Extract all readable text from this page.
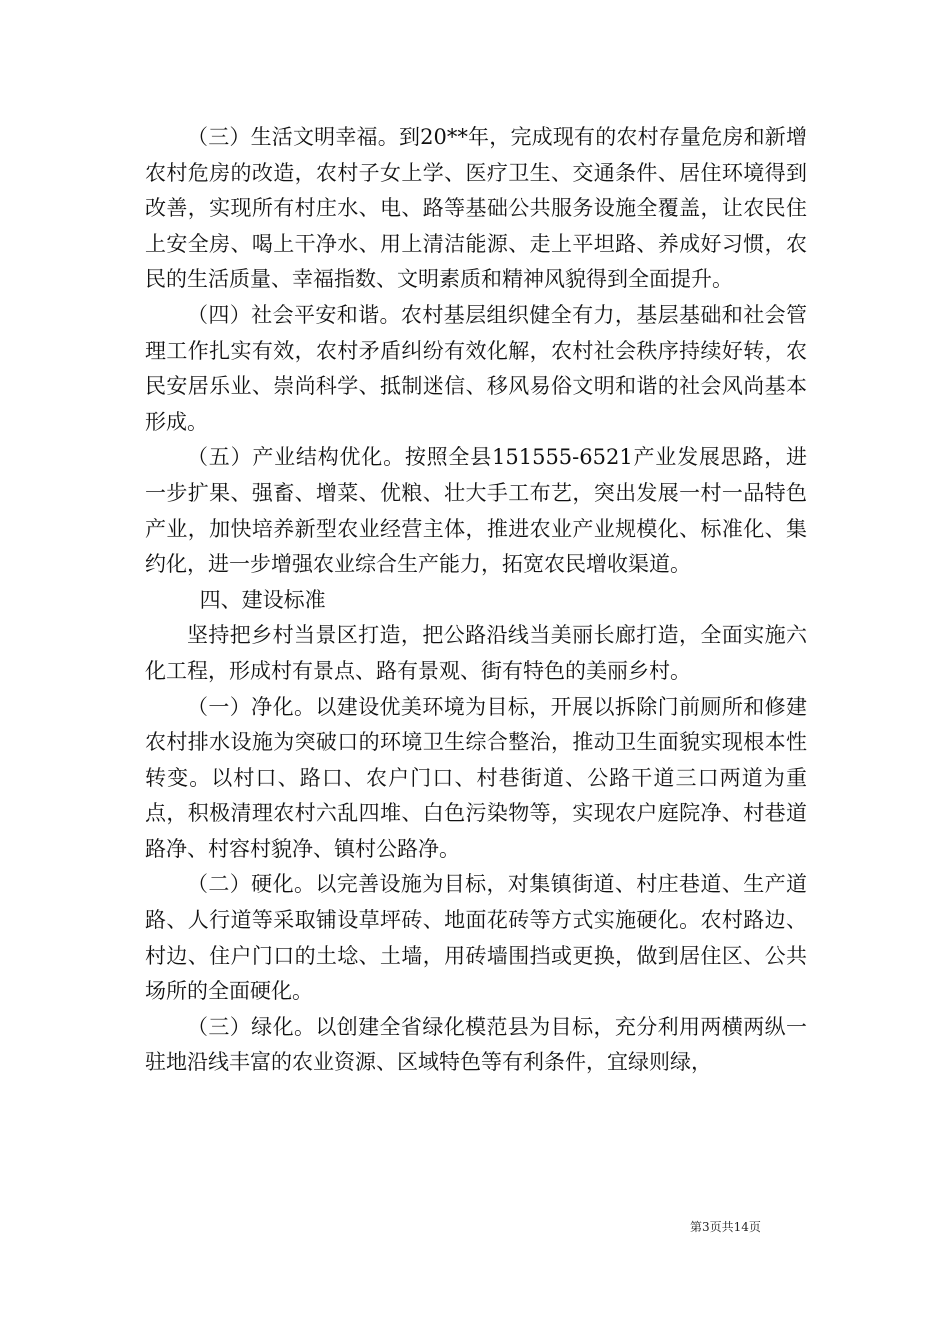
（三）生活文明幸福。到20**年，完成现有的农村存量危房和新增农村危房的改造，农村子女上学、医疗卫生、交通条件、居住环境得到改善，实现所有村庄水、电、路等基础公共服务设施全覆盖，让农民住上安全房、喝上干净水、用上清洁能源、走上平坦路、养成好习惯，农民的生活质量、幸福指数、文明素质和精神风貌得到全面提升。

（四）社会平安和谐。农村基层组织健全有力，基层基础和社会管理工作扎实有效，农村矛盾纠纷有效化解，农村社会秩序持续好转，农民安居乐业、崇尚科学、抵制迷信、移风易俗文明和谐的社会风尚基本形成。

（五）产业结构优化。按照全县151555-6521产业发展思路，进一步扩果、强畜、增菜、优粮、壮大手工布艺，突出发展一村一品特色产业，加快培养新型农业经营主体，推进农业产业规模化、标准化、集约化，进一步增强农业综合生产能力，拓宽农民增收渠道。

四、建设标准

坚持把乡村当景区打造，把公路沿线当美丽长廊打造，全面实施六化工程，形成村有景点、路有景观、街有特色的美丽乡村。

（一）净化。以建设优美环境为目标，开展以拆除门前厕所和修建农村排水设施为突破口的环境卫生综合整治，推动卫生面貌实现根本性转变。以村口、路口、农户门口、村巷街道、公路干道三口两道为重点，积极清理农村六乱四堆、白色污染物等，实现农户庭院净、村巷道路净、村容村貌净、镇村公路净。

（二）硬化。以完善设施为目标，对集镇街道、村庄巷道、生产道路、人行道等采取铺设草坪砖、地面花砖等方式实施硬化。农村路边、村边、住户门口的土埝、土墙，用砖墙围挡或更换，做到居住区、公共场所的全面硬化。

（三）绿化。以创建全省绿化模范县为目标，充分利用两横两纵一驻地沿线丰富的农业资源、区域特色等有利条件，宜绿则绿，

第3页共14页
